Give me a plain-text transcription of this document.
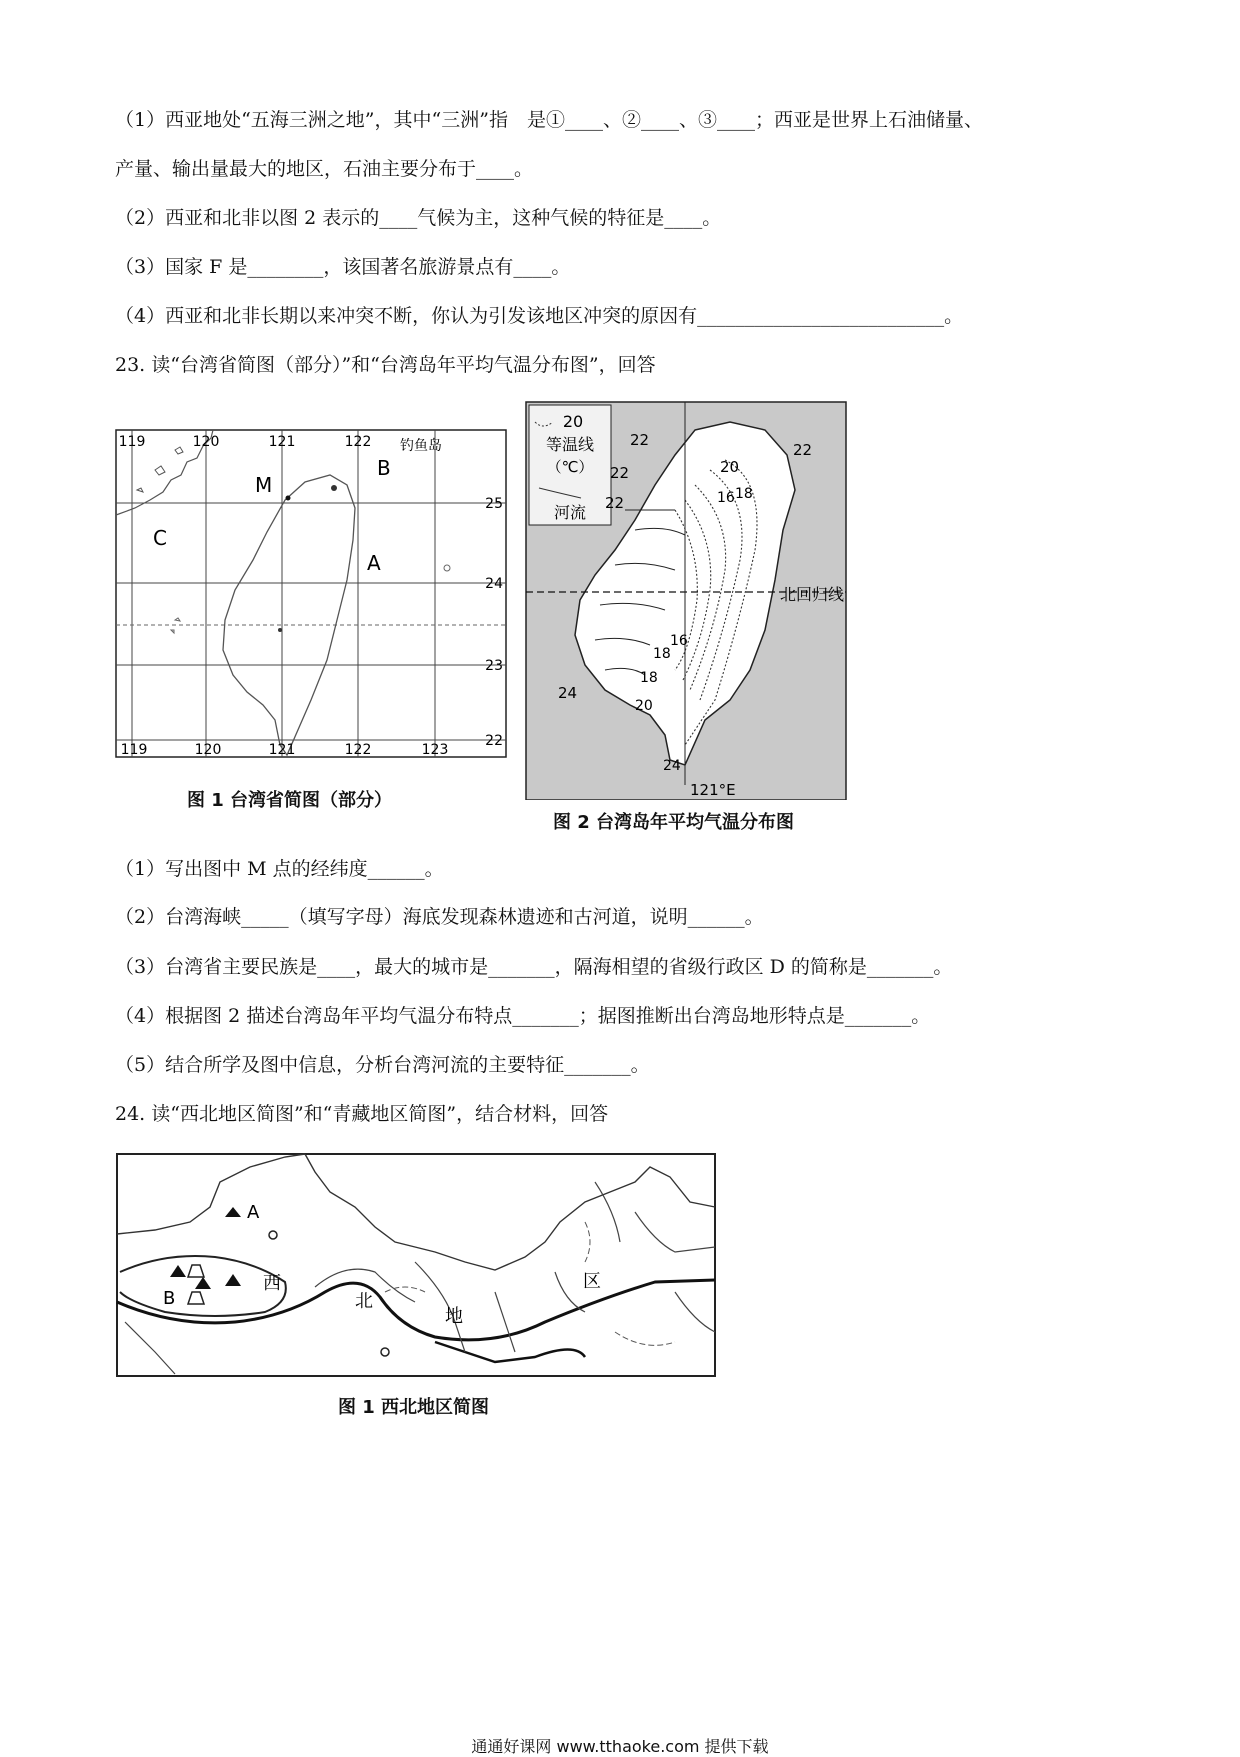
（1）西亚地处“五海三洲之地”，其中“三洲”指　是①____、②____、③____；西亚是世界上石油储量、
产量、输出量最大的地区，石油主要分布于____。
（2）西亚和北非以图 2 表示的____气候为主，这种气候的特征是____。
（3）国家 F 是________，该国著名旅游景点有____。
（4）西亚和北非长期以来冲突不断，你认为引发该地区冲突的原因有__________________________。
23. 读“台湾省简图（部分）”和“台湾岛年平均气温分布图”，回答
119	120	121	122 钓鱼岛
119	120	121	122	123
25
24
23
22
M
B
C
A
图 1 台湾省简图（部分）
20
等温线
（℃）
河流
北回归线
121°E
22
22
22
22
20
16 18
18
16
18
20
24
24
图 2 台湾岛年平均气温分布图
（1）写出图中 M 点的经纬度______。
（2）台湾海峡_____（填写字母）海底发现森林遗迹和古河道，说明______。
（3）台湾省主要民族是____，最大的城市是_______，隔海相望的省级行政区 D 的简称是_______。
（4）根据图 2 描述台湾岛年平均气温分布特点_______；据图推断出台湾岛地形特点是_______。
（5）结合所学及图中信息，分析台湾河流的主要特征_______。
24. 读“西北地区简图”和“青藏地区简图”，结合材料，回答
A
B
西
北
地
区
图 1 西北地区简图
通通好课网 www.tthaoke.com 提供下载
